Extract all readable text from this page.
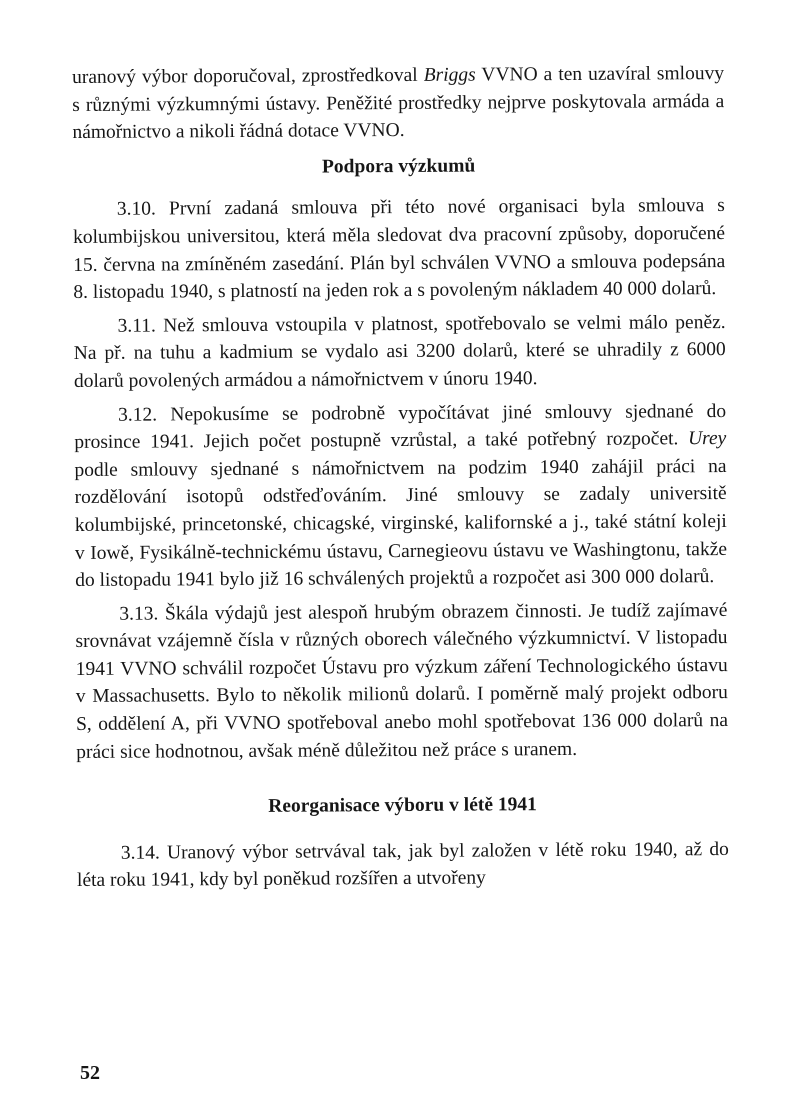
uranový výbor doporučoval, zprostředkoval Briggs VVNO a ten uzavíral smlouvy s různými výzkumnými ústavy. Peněžité prostředky nejprve poskytovala armáda a námořnictvo a nikoli řádná dotace VVNO.

Podpora výzkumů

3.10. První zadaná smlouva při této nové organisaci byla smlouva s kolumbijskou universitou, která měla sledovat dva pracovní způsoby, doporučené 15. června na zmíněném zasedání. Plán byl schválen VVNO a smlouva podepsána 8. listopadu 1940, s platností na jeden rok a s povoleným nákladem 40 000 dolarů.

3.11. Než smlouva vstoupila v platnost, spotřebovalo se velmi málo peněz. Na př. na tuhu a kadmium se vydalo asi 3200 dolarů, které se uhradily z 6000 dolarů povolených armádou a námořnictvem v únoru 1940.

3.12. Nepokusíme se podrobně vypočítávat jiné smlouvy sjednané do prosince 1941. Jejich počet postupně vzrůstal, a také potřebný rozpočet. Urey podle smlouvy sjednané s námořnictvem na podzim 1940 zahájil práci na rozdělování isotopů odstřeďováním. Jiné smlouvy se zadaly universitě kolumbijské, princetonské, chicagské, virginské, kalifornské a j., také státní koleji v Iowě, Fysikálně-technickému ústavu, Carnegieovu ústavu ve Washingtonu, takže do listopadu 1941 bylo již 16 schválených projektů a rozpočet asi 300 000 dolarů.

3.13. Škála výdajů jest alespoň hrubým obrazem činnosti. Je tudíž zajímavé srovnávat vzájemně čísla v různých oborech válečného výzkumnictví. V listopadu 1941 VVNO schválil rozpočet Ústavu pro výzkum záření Technologického ústavu v Massachusetts. Bylo to několik milionů dolarů. I poměrně malý projekt odboru S, oddělení A, při VVNO spotřeboval anebo mohl spotřebovat 136 000 dolarů na práci sice hodnotnou, avšak méně důležitou než práce s uranem.

Reorganisace výboru v létě 1941

3.14. Uranový výbor setrvával tak, jak byl založen v létě roku 1940, až do léta roku 1941, kdy byl poněkud rozšířen a utvořeny

52
